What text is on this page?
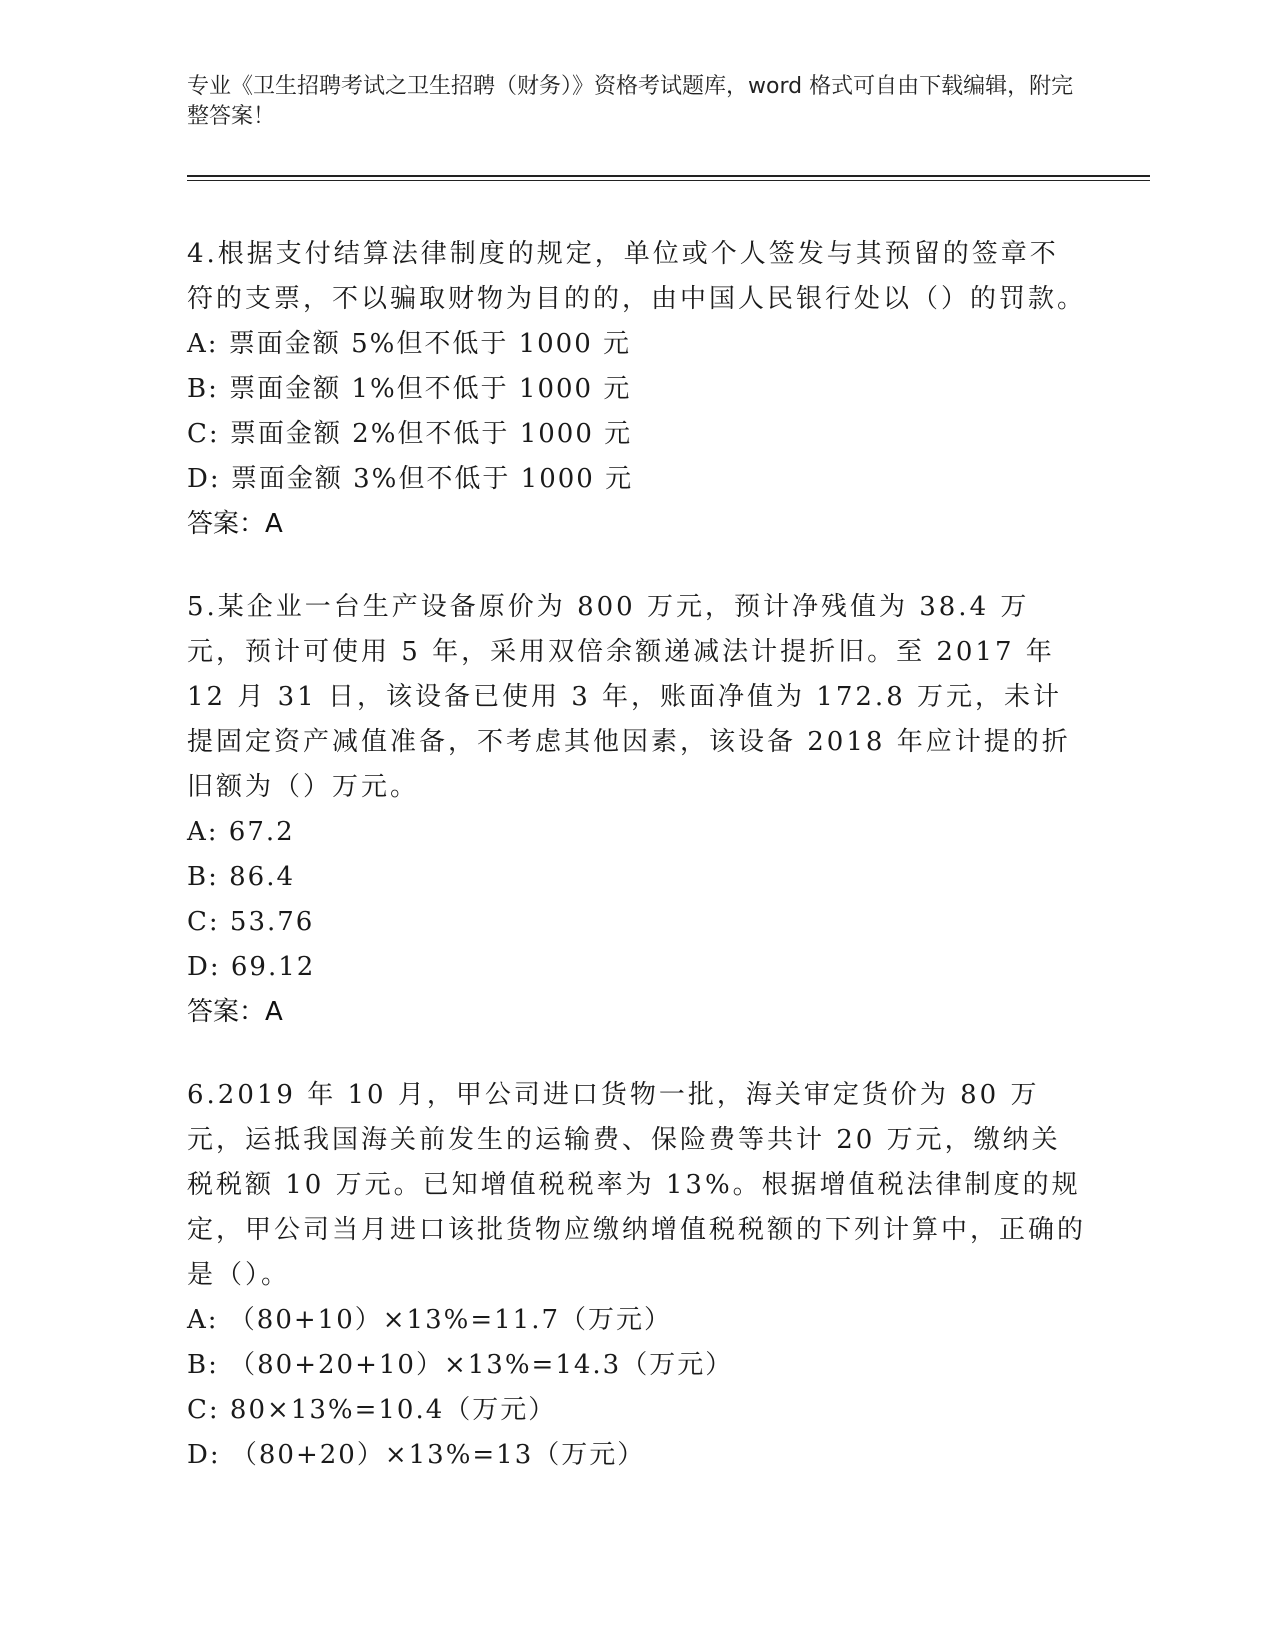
专业《卫生招聘考试之卫生招聘（财务）》资格考试题库，word 格式可自由下载编辑，附完整答案！

4.根据支付结算法律制度的规定，单位或个人签发与其预留的签章不符的支票，不以骗取财物为目的的，由中国人民银行处以（）的罚款。

A: 票面金额 5%但不低于 1000 元

B: 票面金额 1%但不低于 1000 元

C: 票面金额 2%但不低于 1000 元

D: 票面金额 3%但不低于 1000 元

答案：A

5.某企业一台生产设备原价为 800 万元，预计净残值为 38.4 万元，预计可使用 5 年，采用双倍余额递减法计提折旧。至 2017 年 12 月 31 日，该设备已使用 3 年，账面净值为 172.8 万元，未计提固定资产减值准备，不考虑其他因素，该设备 2018 年应计提的折旧额为（）万元。

A: 67.2

B: 86.4

C: 53.76

D: 69.12

答案：A

6.2019 年 10 月，甲公司进口货物一批，海关审定货价为 80 万元，运抵我国海关前发生的运输费、保险费等共计 20 万元，缴纳关税税额 10 万元。已知增值税税率为 13%。根据增值税法律制度的规定，甲公司当月进口该批货物应缴纳增值税税额的下列计算中，正确的是（）。

A: （80+10）×13%=11.7（万元）

B: （80+20+10）×13%=14.3（万元）

C: 80×13%=10.4（万元）

D: （80+20）×13%=13（万元）
